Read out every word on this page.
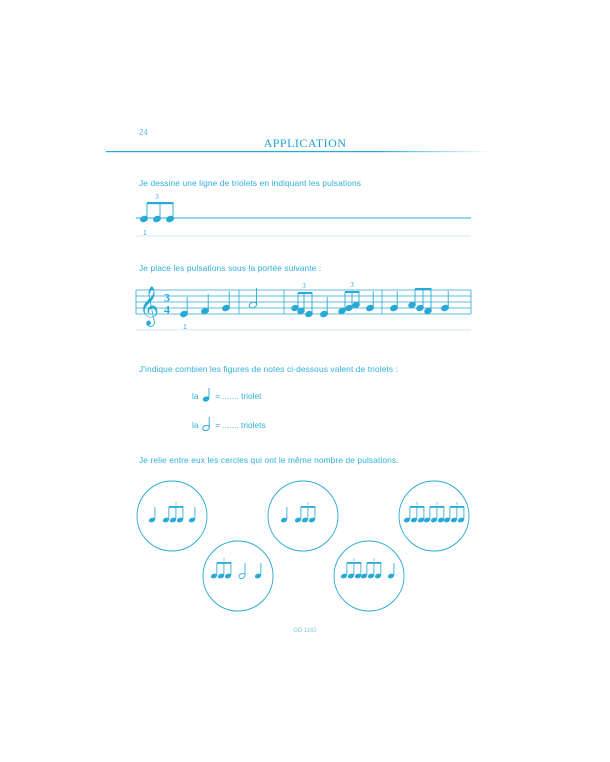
24
APPLICATION
Je dessine une ligne de triolets en indiquant les pulsations
3
1
Je place les pulsations sous la portée suivante :
𝄞 3
4
3	3
1
J'indique combien les figures de notes ci-dessous valent de triolets :
la = ....... triolet
la = ....... triolets
Je relie entre eux les cercles qui ont le même nombre de pulsations.
GD 1162
